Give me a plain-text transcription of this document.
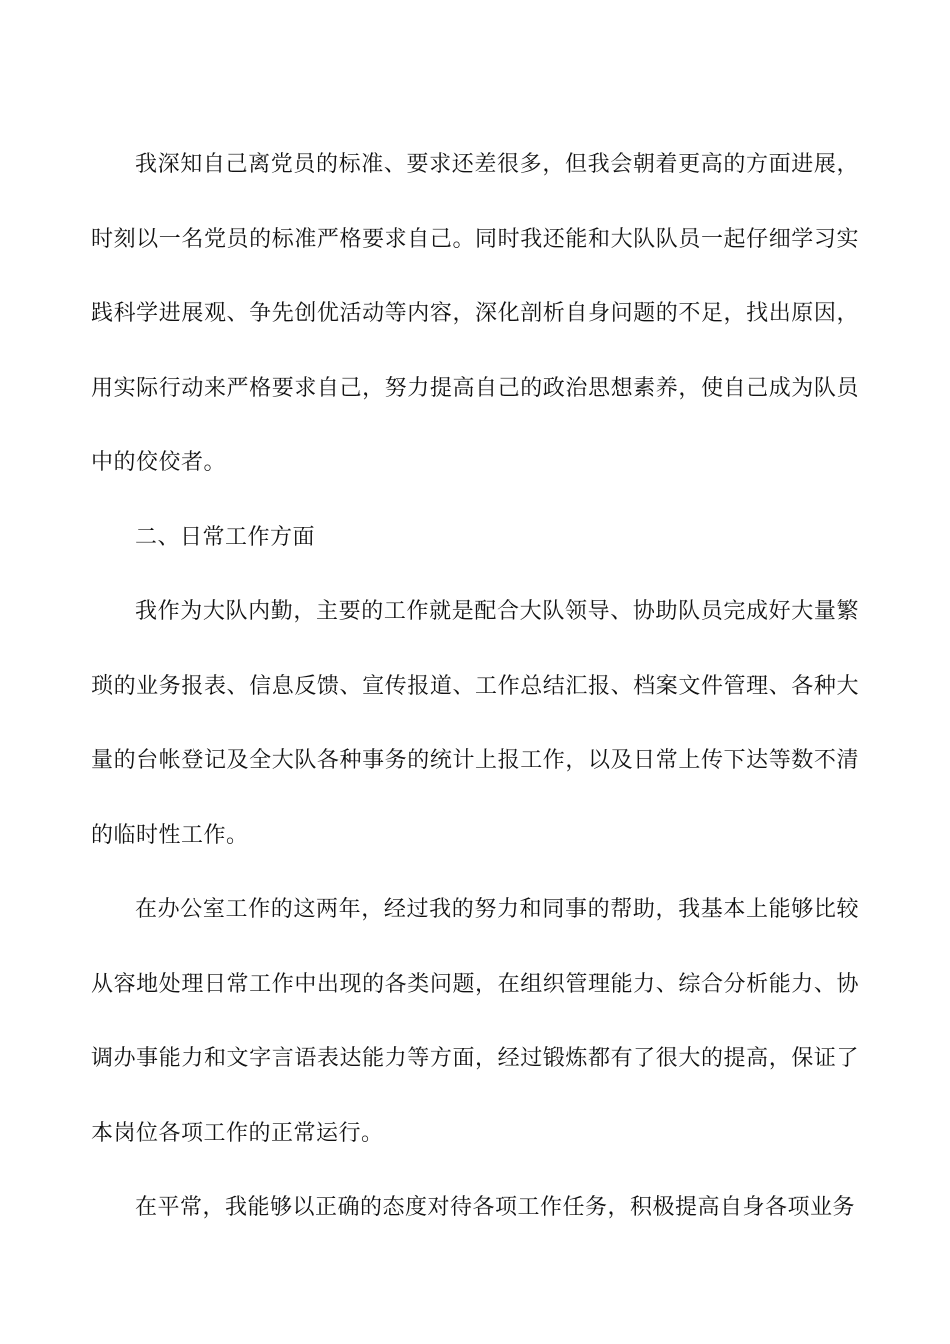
我深知自己离党员的标准、要求还差很多，但我会朝着更高的方面进展，时刻以一名党员的标准严格要求自己。同时我还能和大队队员一起仔细学习实践科学进展观、争先创优活动等内容，深化剖析自身问题的不足，找出原因，用实际行动来严格要求自己，努力提高自己的政治思想素养，使自己成为队员中的佼佼者。

二、日常工作方面

我作为大队内勤，主要的工作就是配合大队领导、协助队员完成好大量繁琐的业务报表、信息反馈、宣传报道、工作总结汇报、档案文件管理、各种大量的台帐登记及全大队各种事务的统计上报工作，以及日常上传下达等数不清的临时性工作。

在办公室工作的这两年，经过我的努力和同事的帮助，我基本上能够比较从容地处理日常工作中出现的各类问题，在组织管理能力、综合分析能力、协调办事能力和文字言语表达能力等方面，经过锻炼都有了很大的提高，保证了本岗位各项工作的正常运行。

在平常，我能够以正确的态度对待各项工作任务，积极提高自身各项业务
